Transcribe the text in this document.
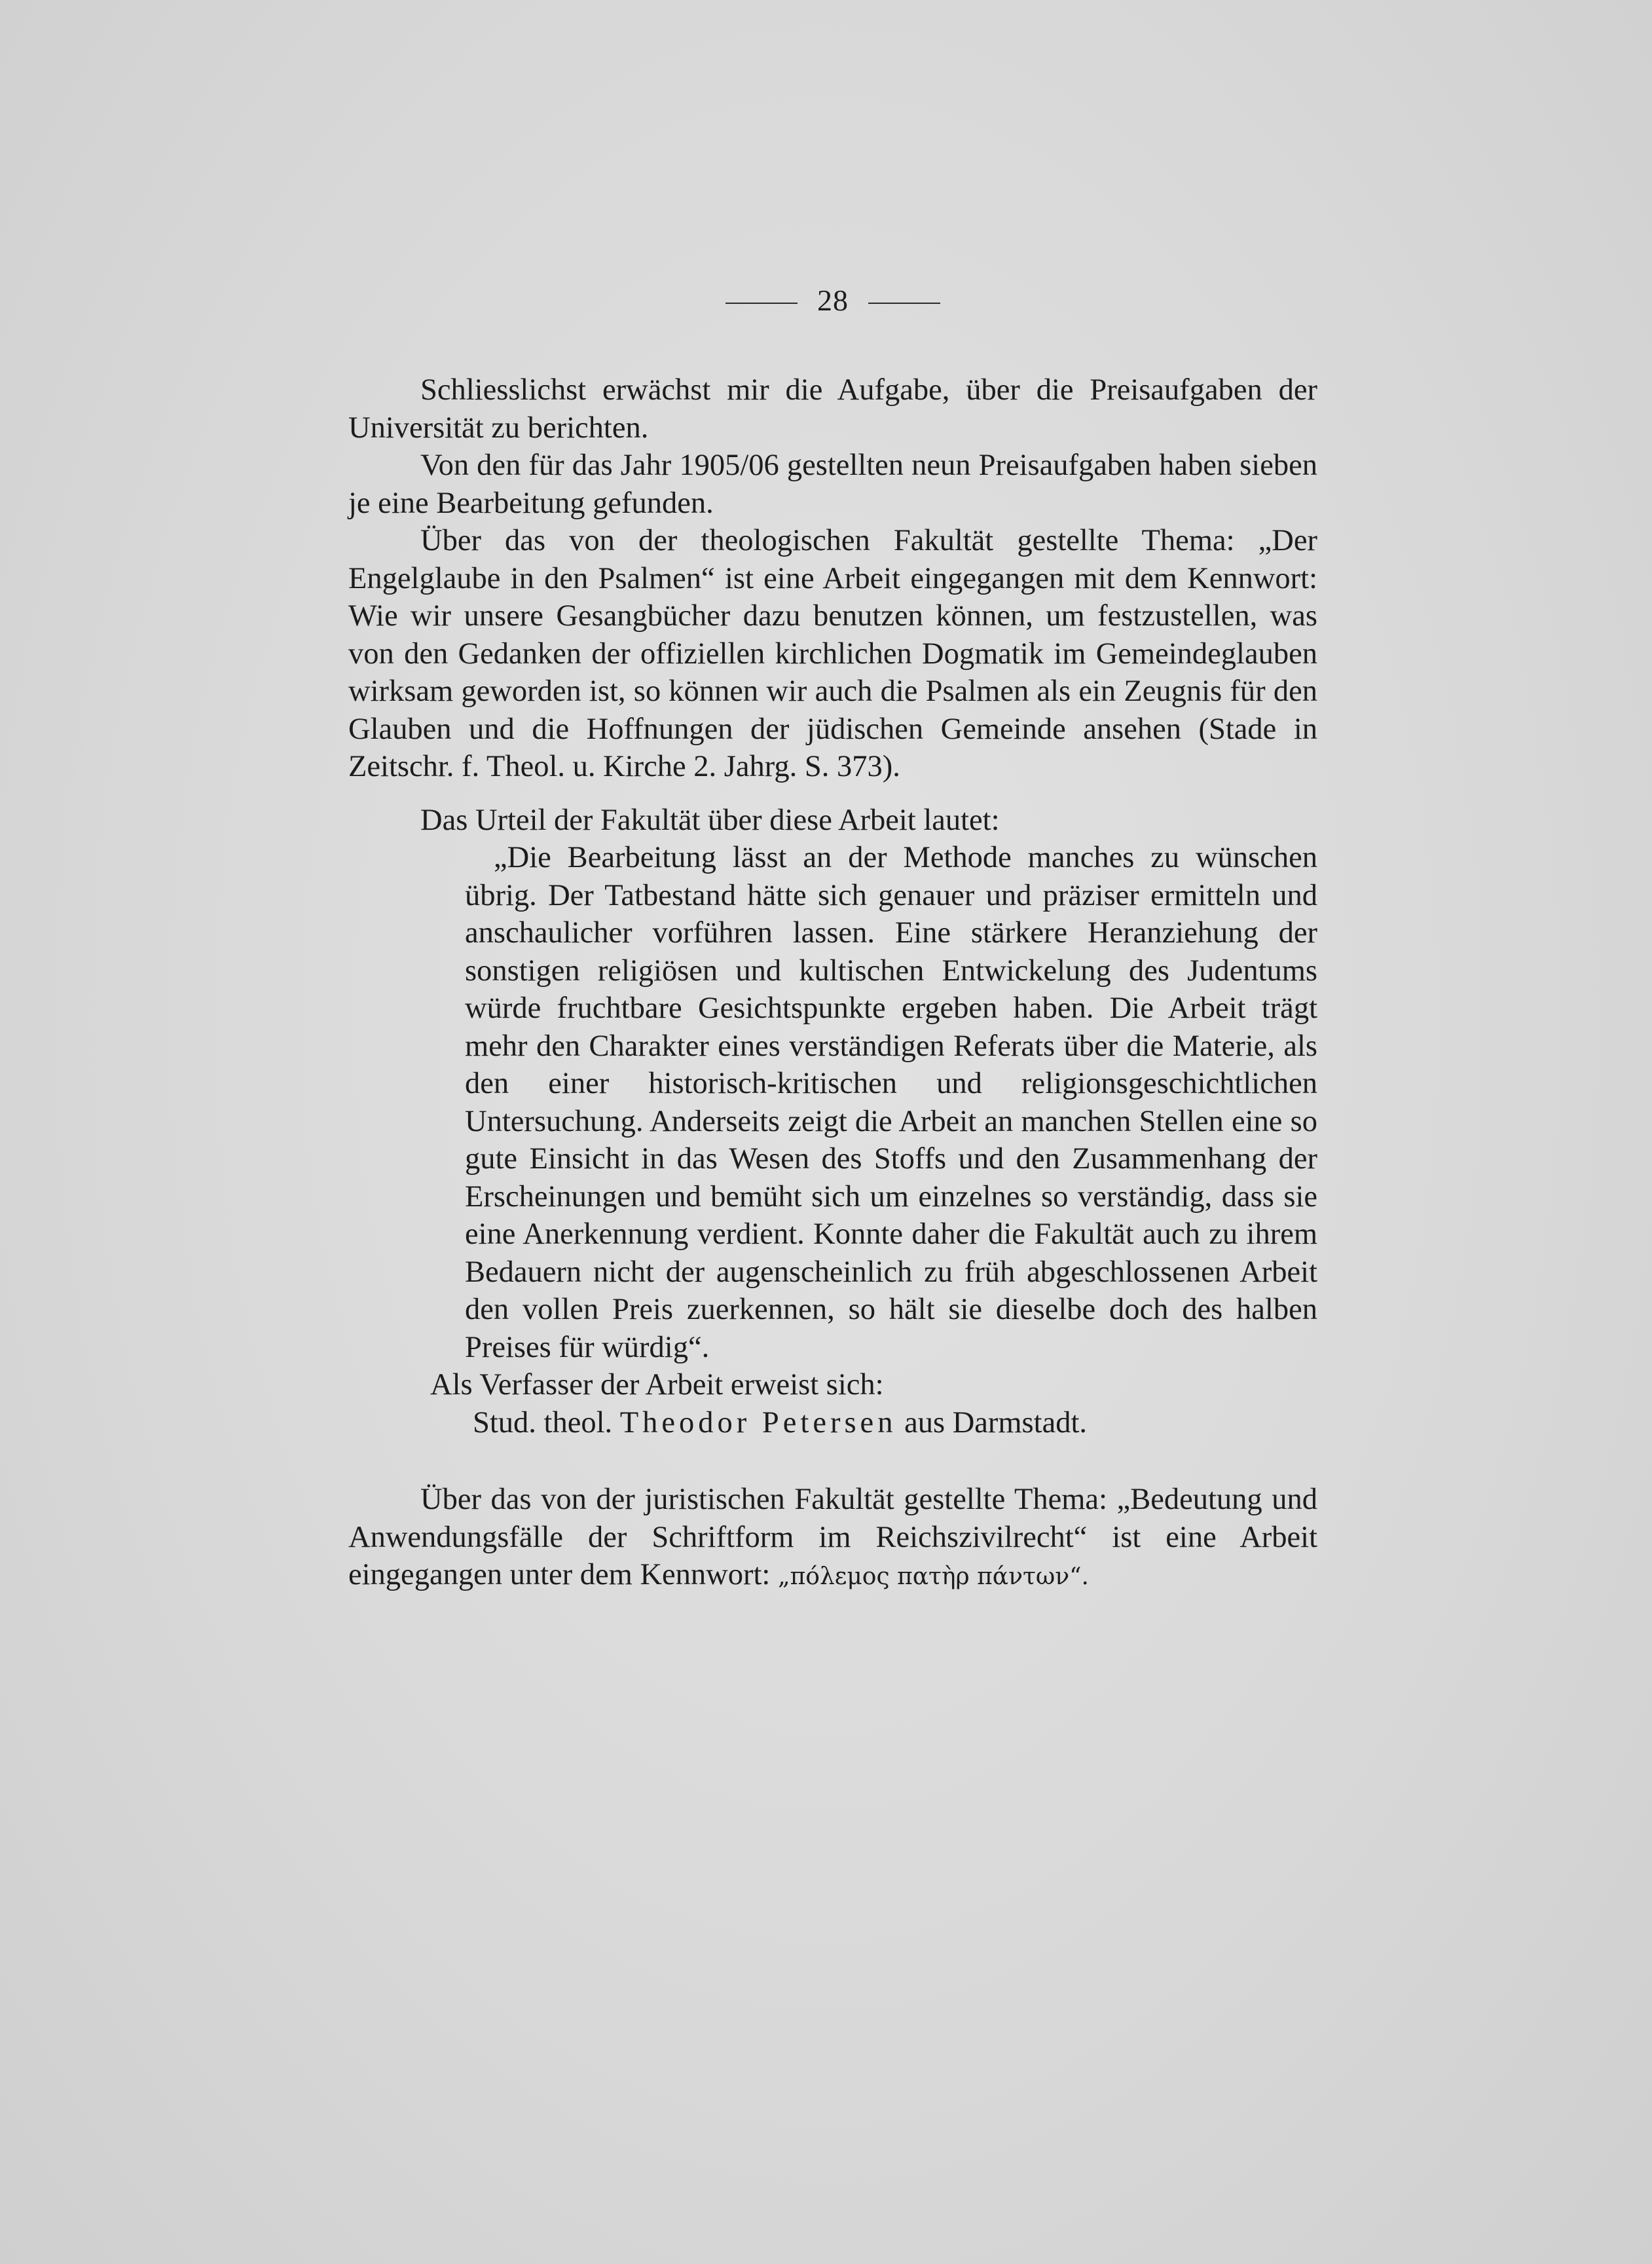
28

Schliesslichst erwächst mir die Aufgabe, über die Preisaufgaben der Universität zu berichten.

Von den für das Jahr 1905/06 gestellten neun Preisaufgaben haben sieben je eine Bearbeitung gefunden.

Über das von der theologischen Fakultät gestellte Thema: „Der Engelglaube in den Psalmen“ ist eine Arbeit eingegangen mit dem Kennwort: Wie wir unsere Gesangbücher dazu benutzen können, um festzustellen, was von den Gedanken der offiziellen kirchlichen Dogmatik im Gemeindeglauben wirksam geworden ist, so können wir auch die Psalmen als ein Zeugnis für den Glauben und die Hoffnungen der jüdischen Gemeinde ansehen (Stade in Zeitschr. f. Theol. u. Kirche 2. Jahrg. S. 373).

Das Urteil der Fakultät über diese Arbeit lautet:

„Die Bearbeitung lässt an der Methode manches zu wünschen übrig. Der Tatbestand hätte sich genauer und präziser ermitteln und anschaulicher vorführen lassen. Eine stärkere Heranziehung der sonstigen religiösen und kultischen Entwickelung des Judentums würde fruchtbare Gesichtspunkte ergeben haben. Die Arbeit trägt mehr den Charakter eines verständigen Referats über die Materie, als den einer historisch-kritischen und religionsgeschichtlichen Untersuchung. Anderseits zeigt die Arbeit an manchen Stellen eine so gute Einsicht in das Wesen des Stoffs und den Zusammenhang der Erscheinungen und bemüht sich um einzelnes so verständig, dass sie eine Anerkennung verdient. Konnte daher die Fakultät auch zu ihrem Bedauern nicht der augenscheinlich zu früh abgeschlossenen Arbeit den vollen Preis zuerkennen, so hält sie dieselbe doch des halben Preises für würdig“.

Als Verfasser der Arbeit erweist sich:

Stud. theol. Theodor Petersen aus Darmstadt.

Über das von der juristischen Fakultät gestellte Thema: „Bedeutung und Anwendungsfälle der Schriftform im Reichszivilrecht“ ist eine Arbeit eingegangen unter dem Kennwort: „πόλεμος πατὴρ πάντων“.
